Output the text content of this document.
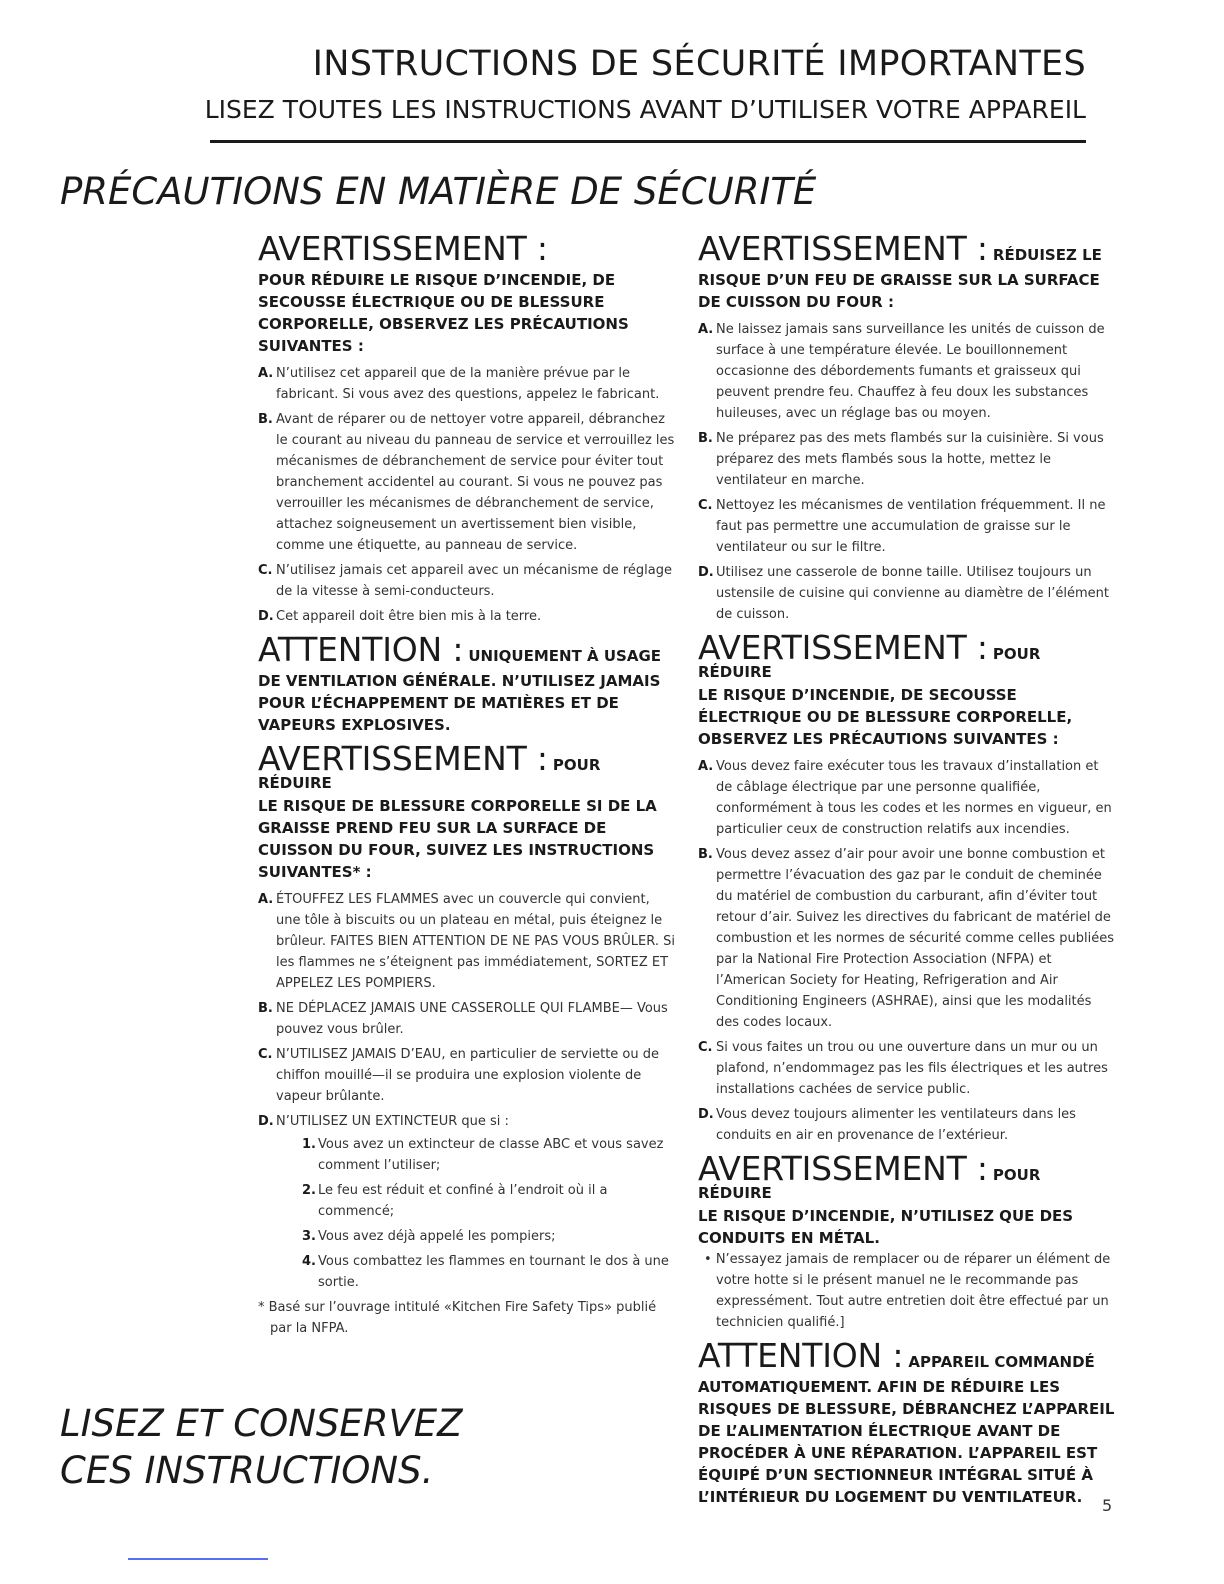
INSTRUCTIONS DE SÉCURITÉ IMPORTANTES
LISEZ TOUTES LES INSTRUCTIONS AVANT D’UTILISER VOTRE APPAREIL
PRÉCAUTIONS EN MATIÈRE DE SÉCURITÉ
AVERTISSEMENT :
POUR RÉDUIRE LE RISQUE D’INCENDIE, DE SECOUSSE ÉLECTRIQUE OU DE BLESSURE CORPORELLE, OBSERVEZ LES PRÉCAUTIONS SUIVANTES :
A. N’utilisez cet appareil que de la manière prévue par le fabricant. Si vous avez des questions, appelez le fabricant.
B. Avant de réparer ou de nettoyer votre appareil, débranchez le courant au niveau du panneau de service et verrouillez les mécanismes de débranchement de service pour éviter tout branchement accidentel au courant. Si vous ne pouvez pas verrouiller les mécanismes de débranchement de service, attachez soigneusement un avertissement bien visible, comme une étiquette, au panneau de service.
C. N’utilisez jamais cet appareil avec un mécanisme de réglage de la vitesse à semi-conducteurs.
D. Cet appareil doit être bien mis à la terre.
ATTENTION : UNIQUEMENT À USAGE
DE VENTILATION GÉNÉRALE. N’UTILISEZ JAMAIS POUR L’ÉCHAPPEMENT DE MATIÈRES ET DE VAPEURS EXPLOSIVES.
AVERTISSEMENT : POUR RÉDUIRE
LE RISQUE DE BLESSURE CORPORELLE SI DE LA GRAISSE PREND FEU SUR LA SURFACE DE CUISSON DU FOUR, SUIVEZ LES INSTRUCTIONS SUIVANTES* :
A. ÉTOUFFEZ LES FLAMMES avec un couvercle qui convient, une tôle à biscuits ou un plateau en métal, puis éteignez le brûleur. FAITES BIEN ATTENTION DE NE PAS VOUS BRÛLER. Si les flammes ne s’éteignent pas immédiatement, SORTEZ ET APPELEZ LES POMPIERS.
B. NE DÉPLACEZ JAMAIS UNE CASSEROLLE QUI FLAMBE— Vous pouvez vous brûler.
C. N’UTILISEZ JAMAIS D’EAU, en particulier de serviette ou de chiffon mouillé—il se produira une explosion violente de vapeur brûlante.
D. N’UTILISEZ UN EXTINCTEUR que si :
1. Vous avez un extincteur de classe ABC et vous savez comment l’utiliser;
2. Le feu est réduit et confiné à l’endroit où il a commencé;
3. Vous avez déjà appelé les pompiers;
4. Vous combattez les flammes en tournant le dos à une sortie.
* Basé sur l’ouvrage intitulé «Kitchen Fire Safety Tips» publié par la NFPA.
AVERTISSEMENT : RÉDUISEZ LE
RISQUE D’UN FEU DE GRAISSE SUR LA SURFACE DE CUISSON DU FOUR :
A. Ne laissez jamais sans surveillance les unités de cuisson de surface à une température élevée. Le bouillonnement occasionne des débordements fumants et graisseux qui peuvent prendre feu. Chauffez à feu doux les substances huileuses, avec un réglage bas ou moyen.
B. Ne préparez pas des mets flambés sur la cuisinière. Si vous préparez des mets flambés sous la hotte, mettez le ventilateur en marche.
C. Nettoyez les mécanismes de ventilation fréquemment. Il ne faut pas permettre une accumulation de graisse sur le ventilateur ou sur le filtre.
D. Utilisez une casserole de bonne taille. Utilisez toujours un ustensile de cuisine qui convienne au diamètre de l’élément de cuisson.
AVERTISSEMENT : POUR RÉDUIRE
LE RISQUE D’INCENDIE, DE SECOUSSE ÉLECTRIQUE OU DE BLESSURE CORPORELLE, OBSERVEZ LES PRÉCAUTIONS SUIVANTES :
A. Vous devez faire exécuter tous les travaux d’installation et de câblage électrique par une personne qualifiée, conformément à tous les codes et les normes en vigueur, en particulier ceux de construction relatifs aux incendies.
B. Vous devez assez d’air pour avoir une bonne combustion et permettre l’évacuation des gaz par le conduit de cheminée du matériel de combustion du carburant, afin d’éviter tout retour d’air. Suivez les directives du fabricant de matériel de combustion et les normes de sécurité comme celles publiées par la National Fire Protection Association (NFPA) et l’American Society for Heating, Refrigeration and Air Conditioning Engineers (ASHRAE), ainsi que les modalités des codes locaux.
C. Si vous faites un trou ou une ouverture dans un mur ou un plafond, n’endommagez pas les fils électriques et les autres installations cachées de service public.
D. Vous devez toujours alimenter les ventilateurs dans les conduits en air en provenance de l’extérieur.
AVERTISSEMENT : POUR RÉDUIRE
LE RISQUE D’INCENDIE, N’UTILISEZ QUE DES CONDUITS EN MÉTAL.
• N’essayez jamais de remplacer ou de réparer un élément de votre hotte si le présent manuel ne le recommande pas expressément. Tout autre entretien doit être effectué par un technicien qualifié.]
ATTENTION : APPAREIL COMMANDÉ
AUTOMATIQUEMENT. AFIN DE RÉDUIRE LES RISQUES DE BLESSURE, DÉBRANCHEZ L’APPAREIL DE L’ALIMENTATION ÉLECTRIQUE AVANT DE PROCÉDER À UNE RÉPARATION. L’APPAREIL EST ÉQUIPÉ D’UN SECTIONNEUR INTÉGRAL SITUÉ À L’INTÉRIEUR DU LOGEMENT DU VENTILATEUR.
LISEZ ET CONSERVEZ
CES INSTRUCTIONS.
5
